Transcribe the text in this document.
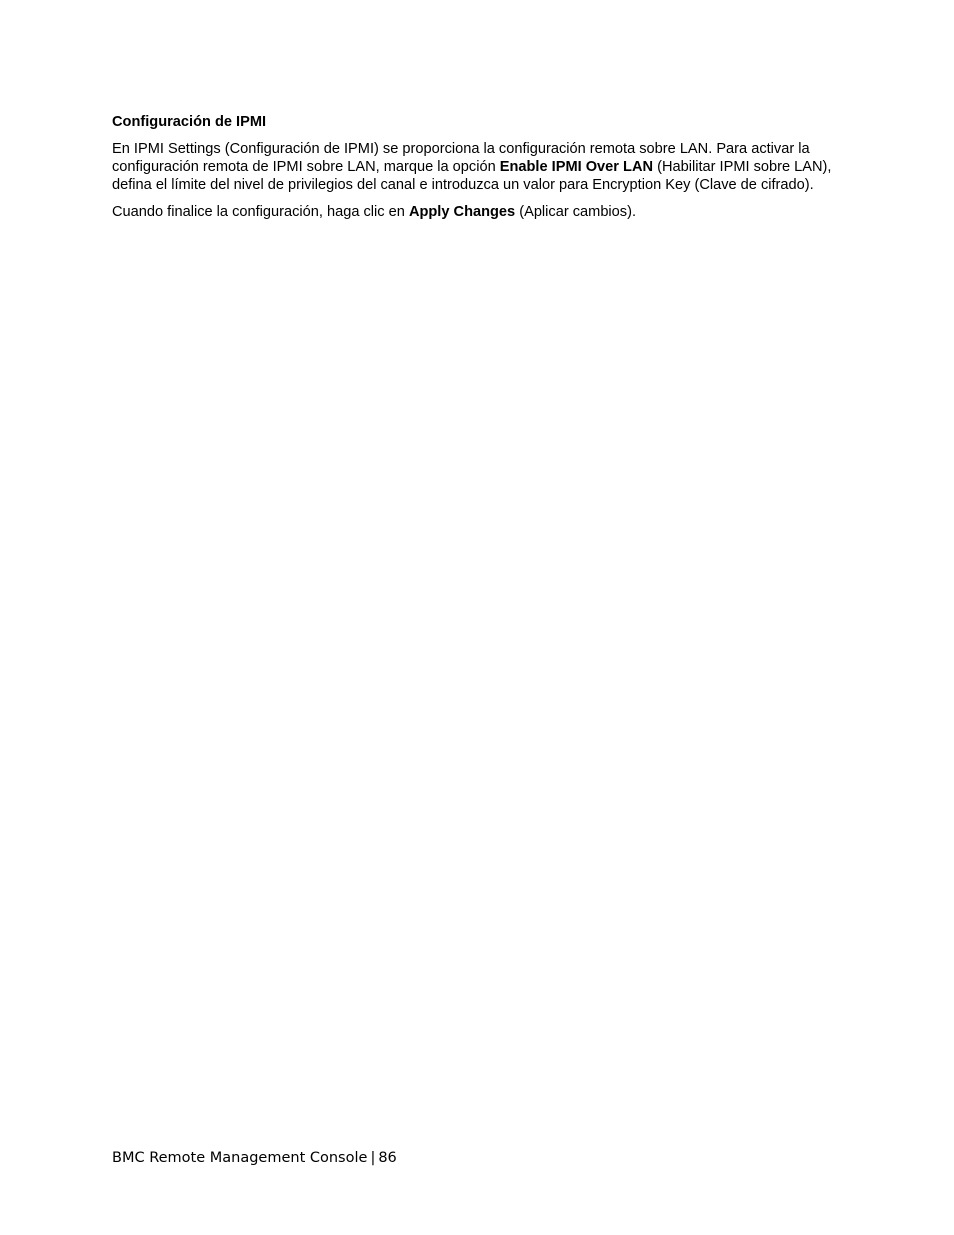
Configuración de IPMI

En IPMI Settings (Configuración de IPMI) se proporciona la configuración remota sobre LAN. Para activar la configuración remota de IPMI sobre LAN, marque la opción Enable IPMI Over LAN (Habilitar IPMI sobre LAN), defina el límite del nivel de privilegios del canal e introduzca un valor para Encryption Key (Clave de cifrado).

Cuando finalice la configuración, haga clic en Apply Changes (Aplicar cambios).

BMC Remote Management Console | 86
